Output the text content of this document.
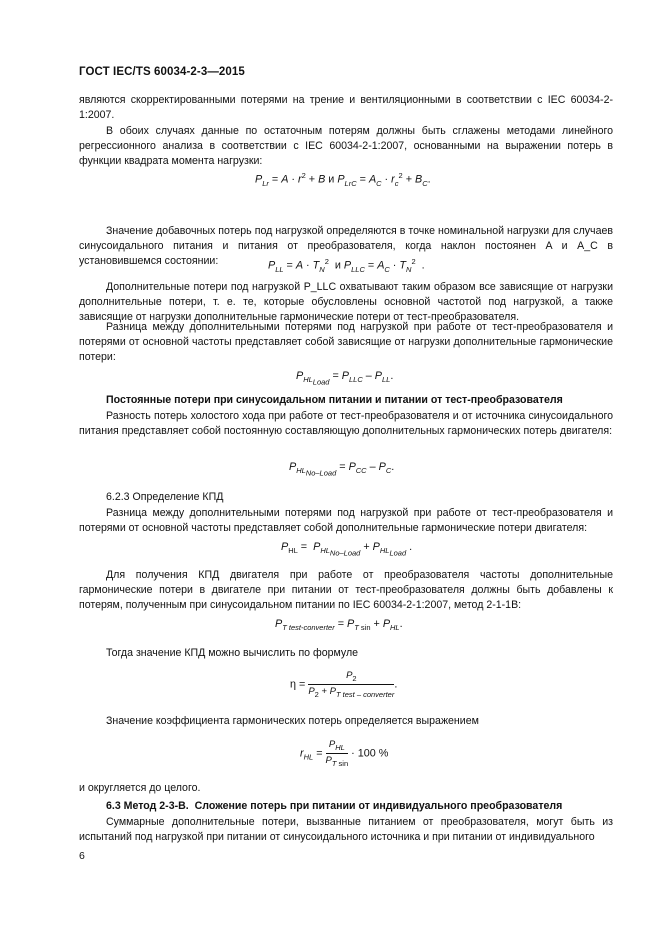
ГОСТ IEC/TS 60034-2-3—2015
являются скорректированными потерями на трение и вентиляционными в соответствии с IEC 60034-2-1:2007.
В обоих случаях данные по остаточным потерям должны быть сглажены методами линейного регрессионного анализа в соответствии с IEC 60034-2-1:2007, основанными на выражении потерь в функции квадрата момента нагрузки:
$P_{Lr} = A \cdot r^2 + B$ и $P_{LrC} = A_C \cdot r_c^2 + B_C$.
Значение добавочных потерь под нагрузкой определяются в точке номинальной нагрузки для случаев синусоидального питания и питания от преобразователя, когда наклон постоянен A и A_C в установившемся состоянии:	$P_{LL} = A \cdot T_N^2$  и $P_{LLC} = A_C \cdot T_N^2$  .
Дополнительные потери под нагрузкой P_LLC охватывают таким образом все зависящие от нагрузки дополнительные потери, т. е. те, которые обусловлены основной частотой под нагрузкой, а также зависящие от нагрузки дополнительные гармонические потери от тест-преобразователя.
Разница между дополнительными потерями под нагрузкой при работе от тест-преобразователя и потерями от основной частоты представляет собой зависящие от нагрузки дополнительные гармонические потери:
$P_{HL_{Load}} = P_{LLC} - P_{LL}$.
Постоянные потери при синусоидальном питании и питании от тест-преобразователя
Разность потерь холостого хода при работе от тест-преобразователя и от источника синусоидального питания представляет собой постоянную составляющую дополнительных гармонических потерь двигателя:
$P_{HL_{No-Load}} = P_{CC} - P_C$.
6.2.3 Определение КПД
Разница между дополнительными потерями под нагрузкой при работе от тест-преобразователя и потерями от основной частоты представляет собой дополнительные гармонические потери двигателя:
$P_{HL} = P_{HL_{No-Load}} + P_{HL_{Load}}$ .
Для получения КПД двигателя при работе от преобразователя частоты дополнительные гармонические потери в двигателе при питании от тест-преобразователя должны быть добавлены к потерям, полученным при синусоидальном питании по IEC 60034-2-1:2007, метод 2-1-1B:
$P_{T test-converter} = P_{T sin} + P_{HL}$.
Тогда значение КПД можно вычислить по формуле
$\eta = \frac{P_2}{P_2 + P_{T test - converter}}$ .
Значение коэффициента гармонических потерь определяется выражением
$r_{HL} = \frac{P_{HL}}{P_{T sin}} \cdot 100$ %
и округляется до целого.
6.3 Метод 2-3-B. Сложение потерь при питании от индивидуального преобразователя
Суммарные дополнительные потери, вызванные питанием от преобразователя, могут быть из испытаний под нагрузкой при питании от синусоидального источника и при питании от индивидуального
6
